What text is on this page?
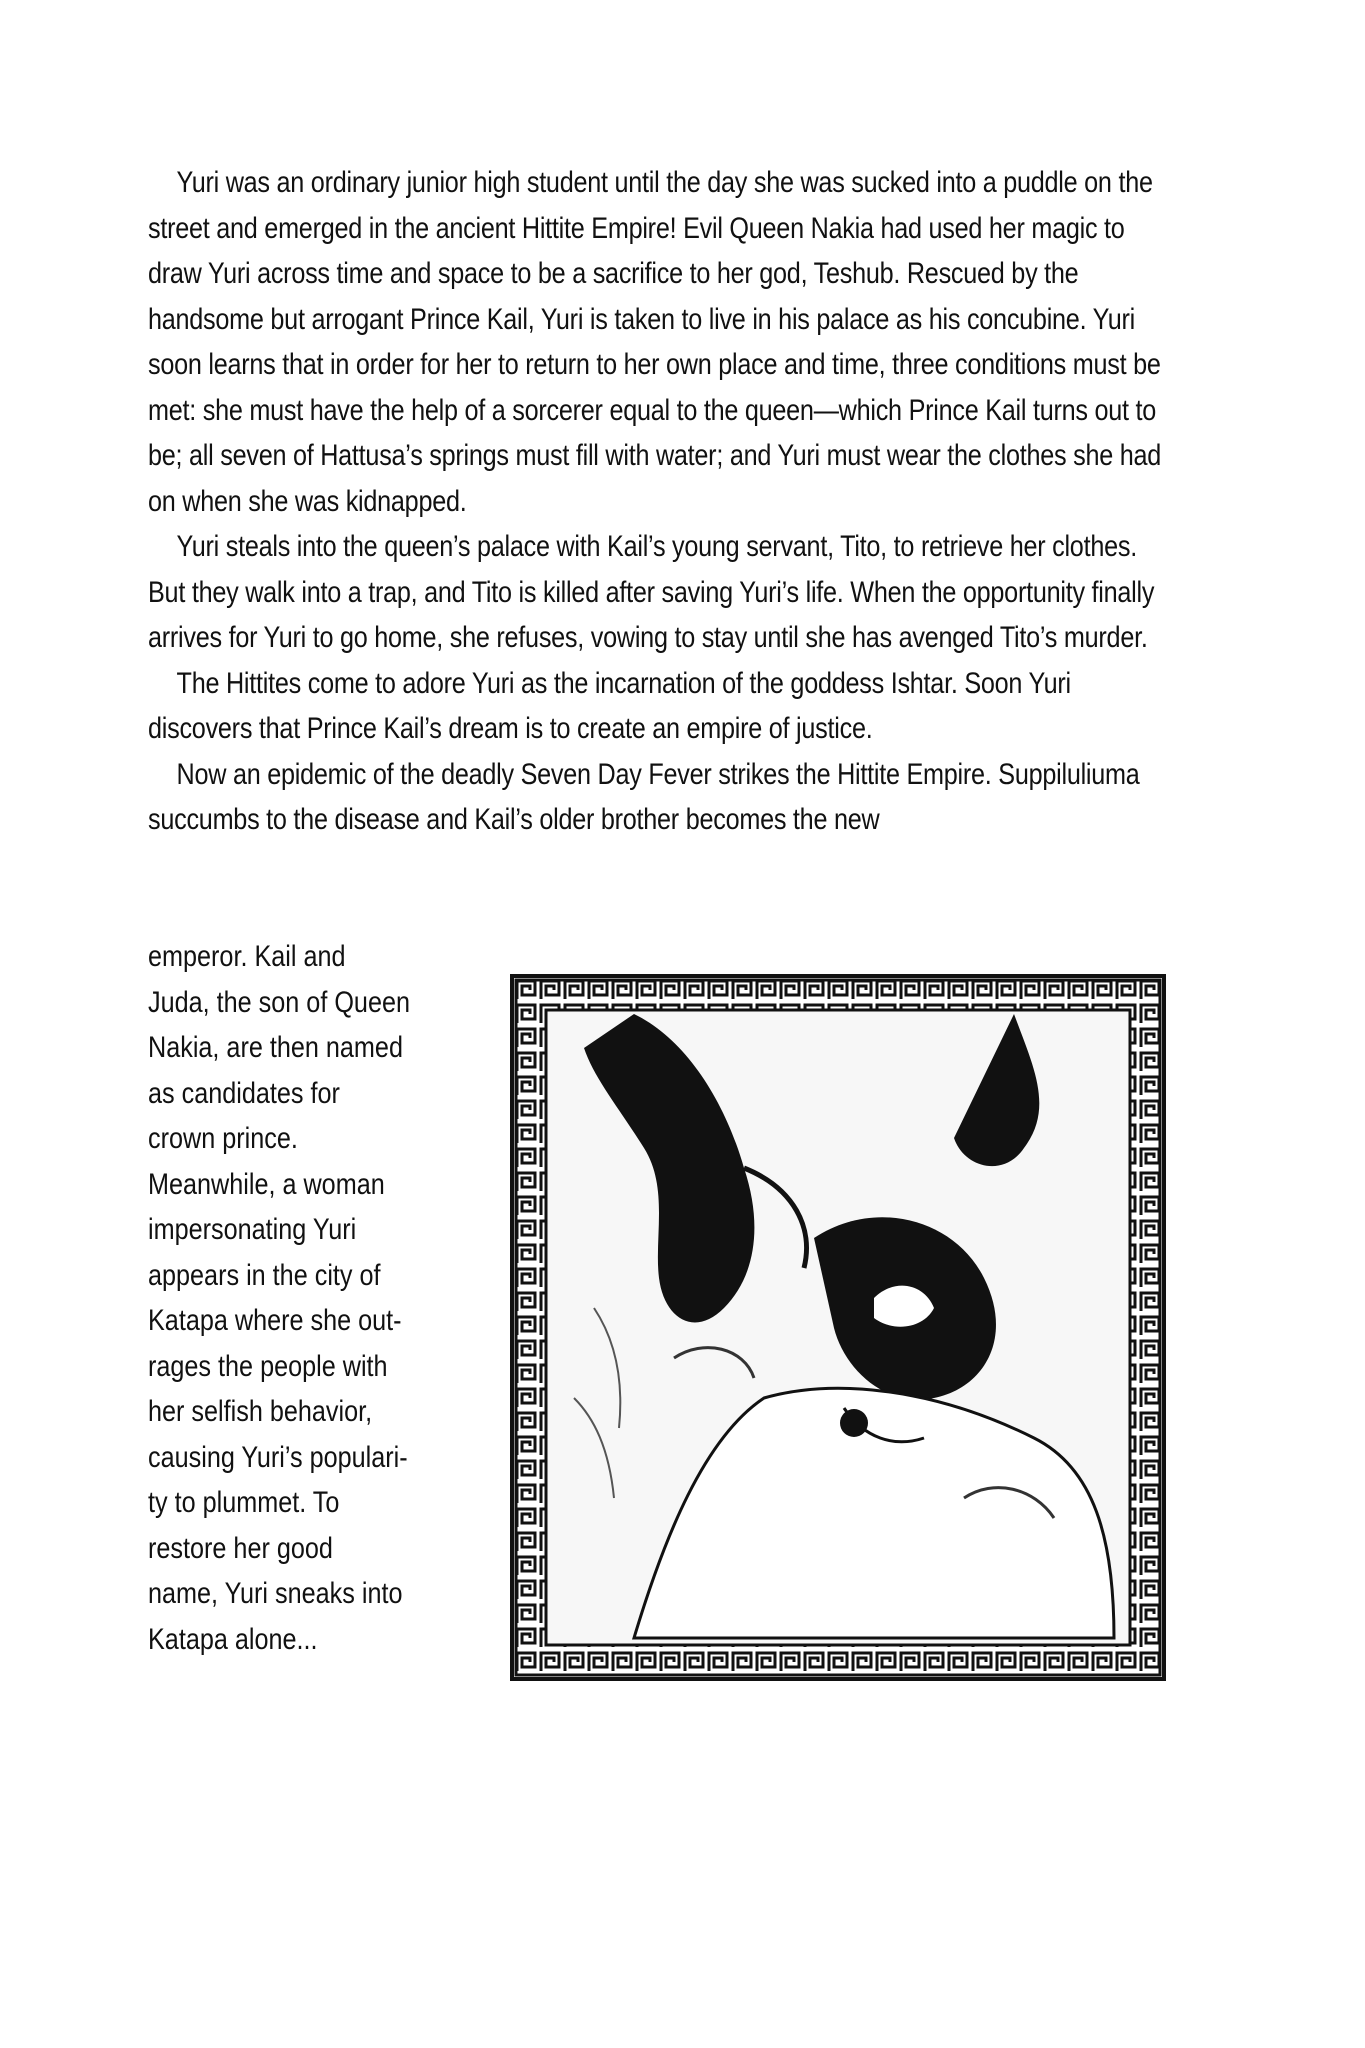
Yuri was an ordinary junior high student until the day she was sucked into a puddle on the street and emerged in the ancient Hittite Empire! Evil Queen Nakia had used her magic to draw Yuri across time and space to be a sacrifice to her god, Teshub. Rescued by the handsome but arrogant Prince Kail, Yuri is taken to live in his palace as his concubine. Yuri soon learns that in order for her to return to her own place and time, three conditions must be met: she must have the help of a sorcerer equal to the queen—which Prince Kail turns out to be; all seven of Hattusa’s springs must fill with water; and Yuri must wear the clothes she had on when she was kidnapped.

Yuri steals into the queen’s palace with Kail’s young servant, Tito, to retrieve her clothes. But they walk into a trap, and Tito is killed after saving Yuri’s life. When the opportunity finally arrives for Yuri to go home, she refuses, vowing to stay until she has avenged Tito’s murder.

The Hittites come to adore Yuri as the incarnation of the goddess Ishtar. Soon Yuri discovers that Prince Kail’s dream is to create an empire of justice.

Now an epidemic of the deadly Seven Day Fever strikes the Hittite Empire. Suppiluliuma succumbs to the disease and Kail’s older brother becomes the new

emperor. Kail and
Juda, the son of Queen
Nakia, are then named
as candidates for
crown prince.
Meanwhile, a woman
impersonating Yuri
appears in the city of
Katapa where she out-
rages the people with
her selfish behavior,
causing Yuri’s populari-
ty to plummet. To
restore her good
name, Yuri sneaks into
Katapa alone...
